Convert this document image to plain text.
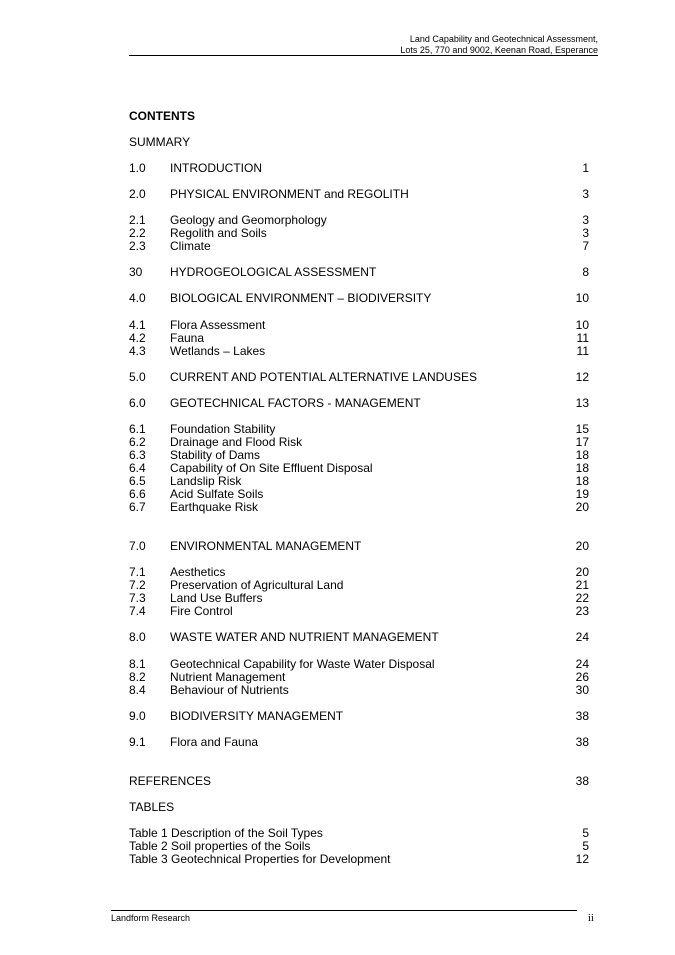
Land Capability and Geotechnical Assessment,
Lots 25, 770 and 9002, Keenan Road, Esperance
CONTENTS
SUMMARY
1.0 INTRODUCTION	1
2.0 PHYSICAL ENVIRONMENT and REGOLITH	3
2.1 Geology and Geomorphology	3
2.2 Regolith and Soils	3
2.3 Climate	7
30 HYDROGEOLOGICAL ASSESSMENT	8
4.0 BIOLOGICAL ENVIRONMENT – BIODIVERSITY	10
4.1 Flora Assessment	10
4.2 Fauna	11
4.3 Wetlands – Lakes	11
5.0 CURRENT AND POTENTIAL ALTERNATIVE LANDUSES	12
6.0 GEOTECHNICAL FACTORS - MANAGEMENT	13
6.1 Foundation Stability	15
6.2 Drainage and Flood Risk	17
6.3 Stability of Dams	18
6.4 Capability of On Site Effluent Disposal	18
6.5 Landslip Risk	18
6.6 Acid Sulfate Soils	19
6.7 Earthquake Risk	20
7.0 ENVIRONMENTAL MANAGEMENT	20
7.1 Aesthetics	20
7.2 Preservation of Agricultural Land	21
7.3 Land Use Buffers	22
7.4 Fire Control	23
8.0 WASTE WATER AND NUTRIENT MANAGEMENT	24
8.1 Geotechnical Capability for Waste Water Disposal	24
8.2 Nutrient Management	26
8.4 Behaviour of Nutrients	30
9.0 BIODIVERSITY MANAGEMENT	38
9.1 Flora and Fauna	38
REFERENCES	38
TABLES
Table 1 Description of the Soil Types	5
Table 2 Soil properties of the Soils	5
Table 3 Geotechnical Properties for Development	12
Landform Research	ii
